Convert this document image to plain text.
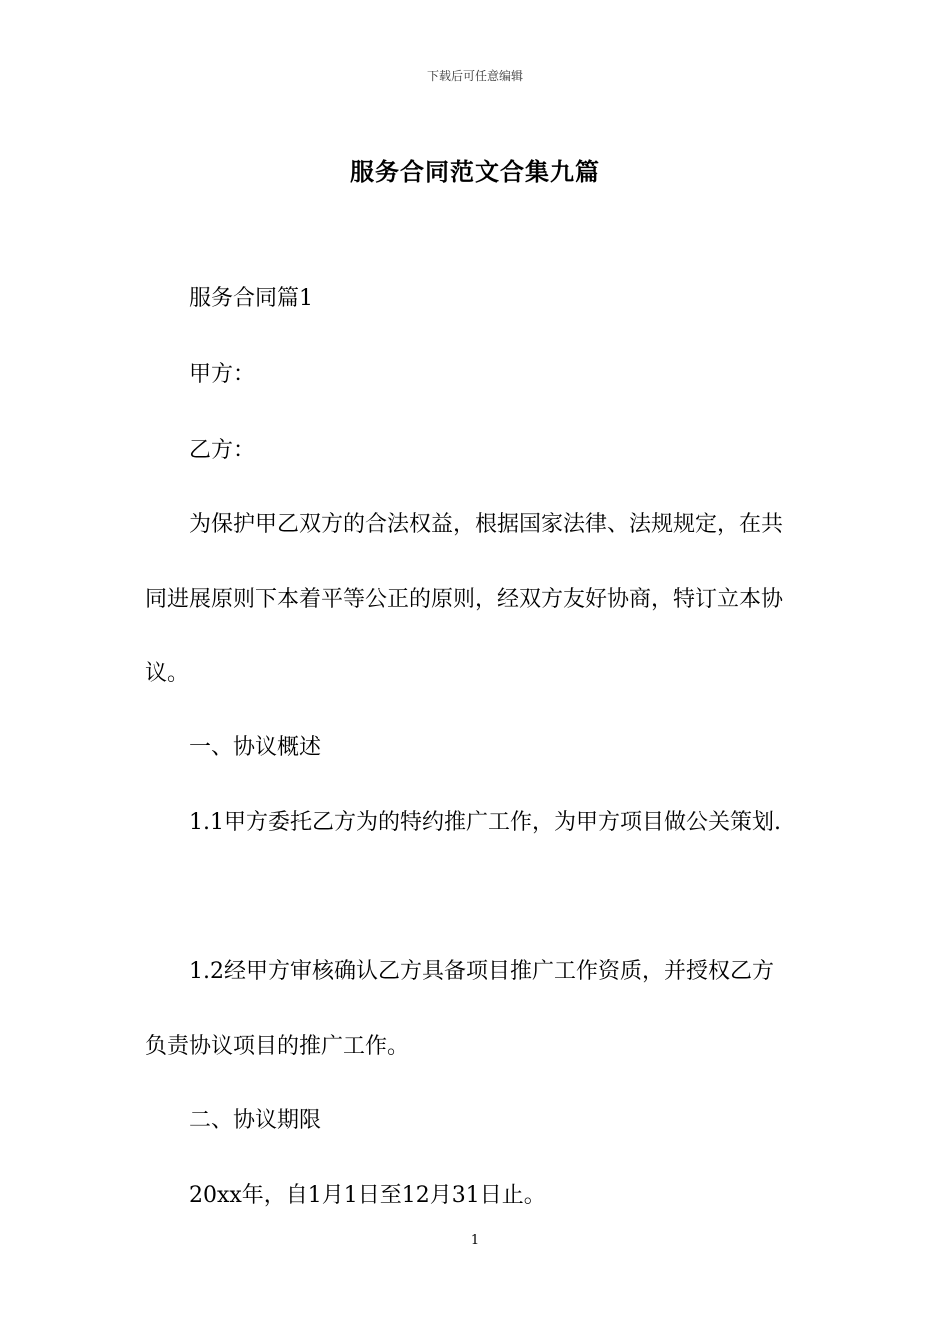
下载后可任意编辑
服务合同范文合集九篇
服务合同篇1
甲方：
乙方：
为保护甲乙双方的合法权益，根据国家法律、法规规定，在共
同进展原则下本着平等公正的原则，经双方友好协商，特订立本协
议。
一、协议概述
1.1甲方委托乙方为的特约推广工作，为甲方项目做公关策划.
1.2经甲方审核确认乙方具备项目推广工作资质，并授权乙方
负责协议项目的推广工作。
二、协议期限
20xx年，自1月1日至12月31日止。
1
